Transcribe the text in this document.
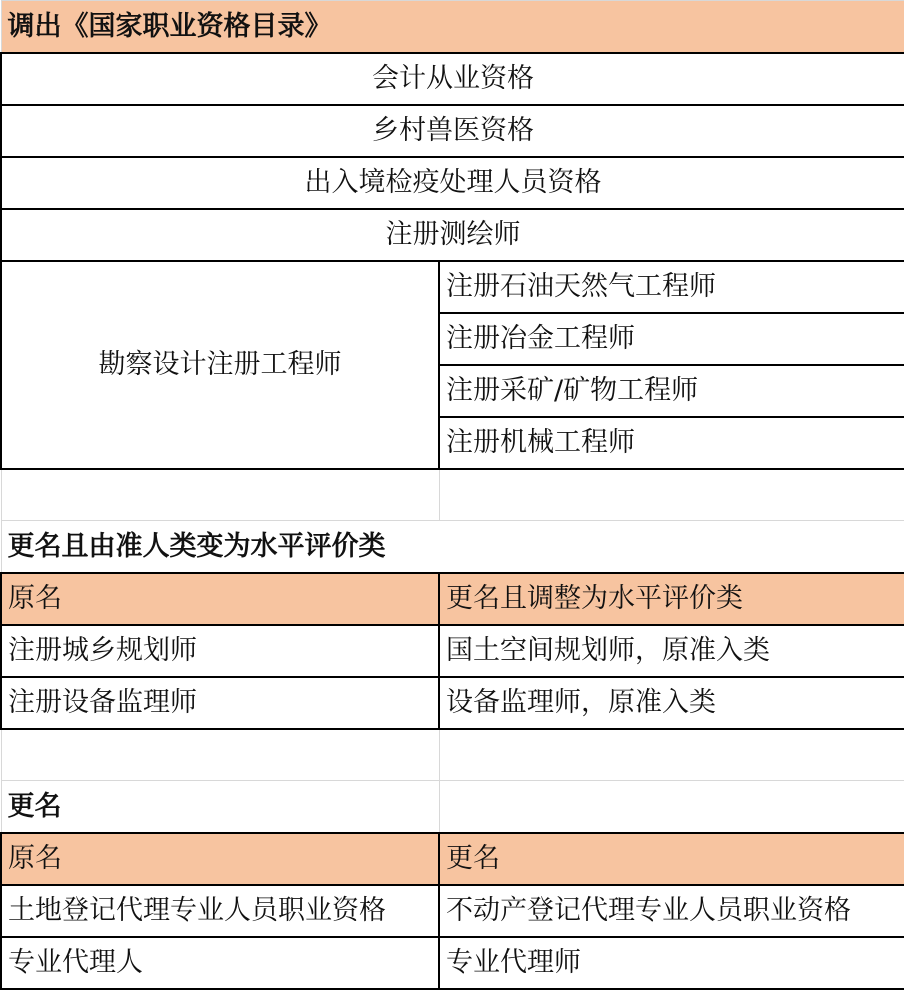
调出《国家职业资格目录》	
会计从业资格	
乡村兽医资格	
出入境检疫处理人员资格	
注册测绘师	
勘察设计注册工程师	注册石油天然气工程师
	注册冶金工程师
	注册采矿/矿物工程师
	注册机械工程师

更名且由准人类变为水平评价类	
原名	更名且调整为水平评价类
注册城乡规划师	国土空间规划师，原准入类
注册设备监理师	设备监理师，原准入类

更名	
原名	更名
土地登记代理专业人员职业资格	不动产登记代理专业人员职业资格
专业代理人	专业代理师
